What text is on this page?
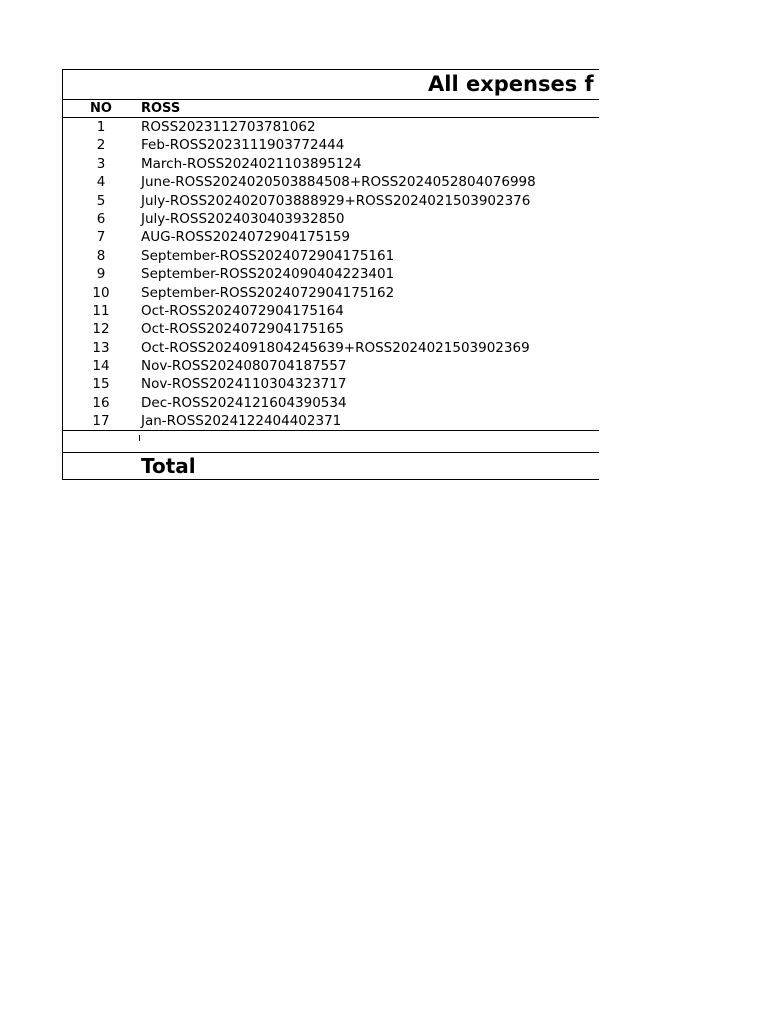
All expenses f
NO ROSS
1	ROSS2023112703781062
2	Feb-ROSS2023111903772444
3	March-ROSS2024021103895124
4	June-ROSS2024020503884508+ROSS2024052804076998
5	July-ROSS2024020703888929+ROSS2024021503902376
6	July-ROSS2024030403932850
7	AUG-ROSS2024072904175159
8	September-ROSS2024072904175161
9	September-ROSS2024090404223401
10	September-ROSS2024072904175162
11	Oct-ROSS2024072904175164
12	Oct-ROSS2024072904175165
13	Oct-ROSS2024091804245639+ROSS2024021503902369
14	Nov-ROSS2024080704187557
15	Nov-ROSS2024110304323717
16	Dec-ROSS2024121604390534
17	Jan-ROSS2024122404402371
Total
